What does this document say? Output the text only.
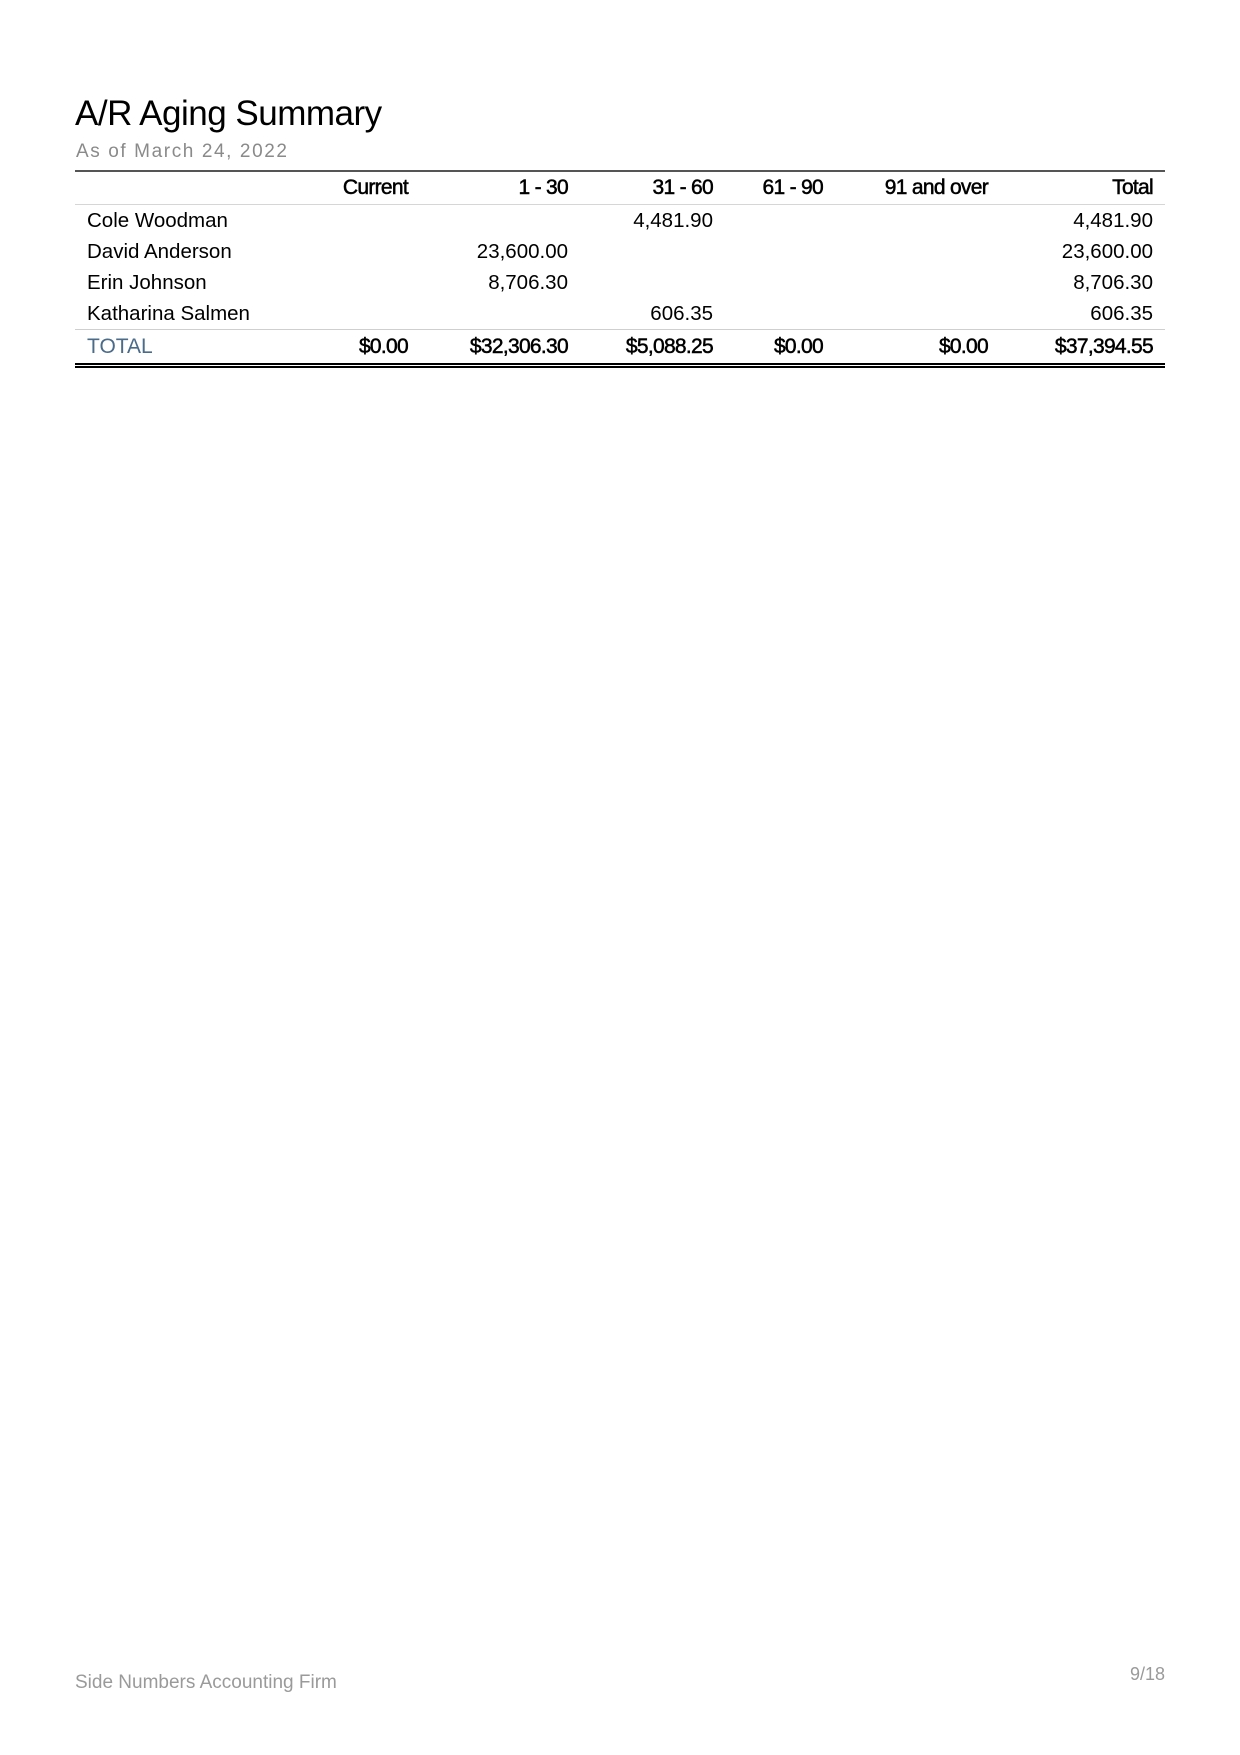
A/R Aging Summary
As of March 24, 2022
	Current	1 - 30	31 - 60	61 - 90	91 and over	Total
Cole Woodman			4,481.90			4,481.90
David Anderson		23,600.00				23,600.00
Erin Johnson		8,706.30				8,706.30
Katharina Salmen			606.35			606.35
TOTAL	$0.00	$32,306.30	$5,088.25	$0.00	$0.00	$37,394.55
Side Numbers Accounting Firm	9/18
